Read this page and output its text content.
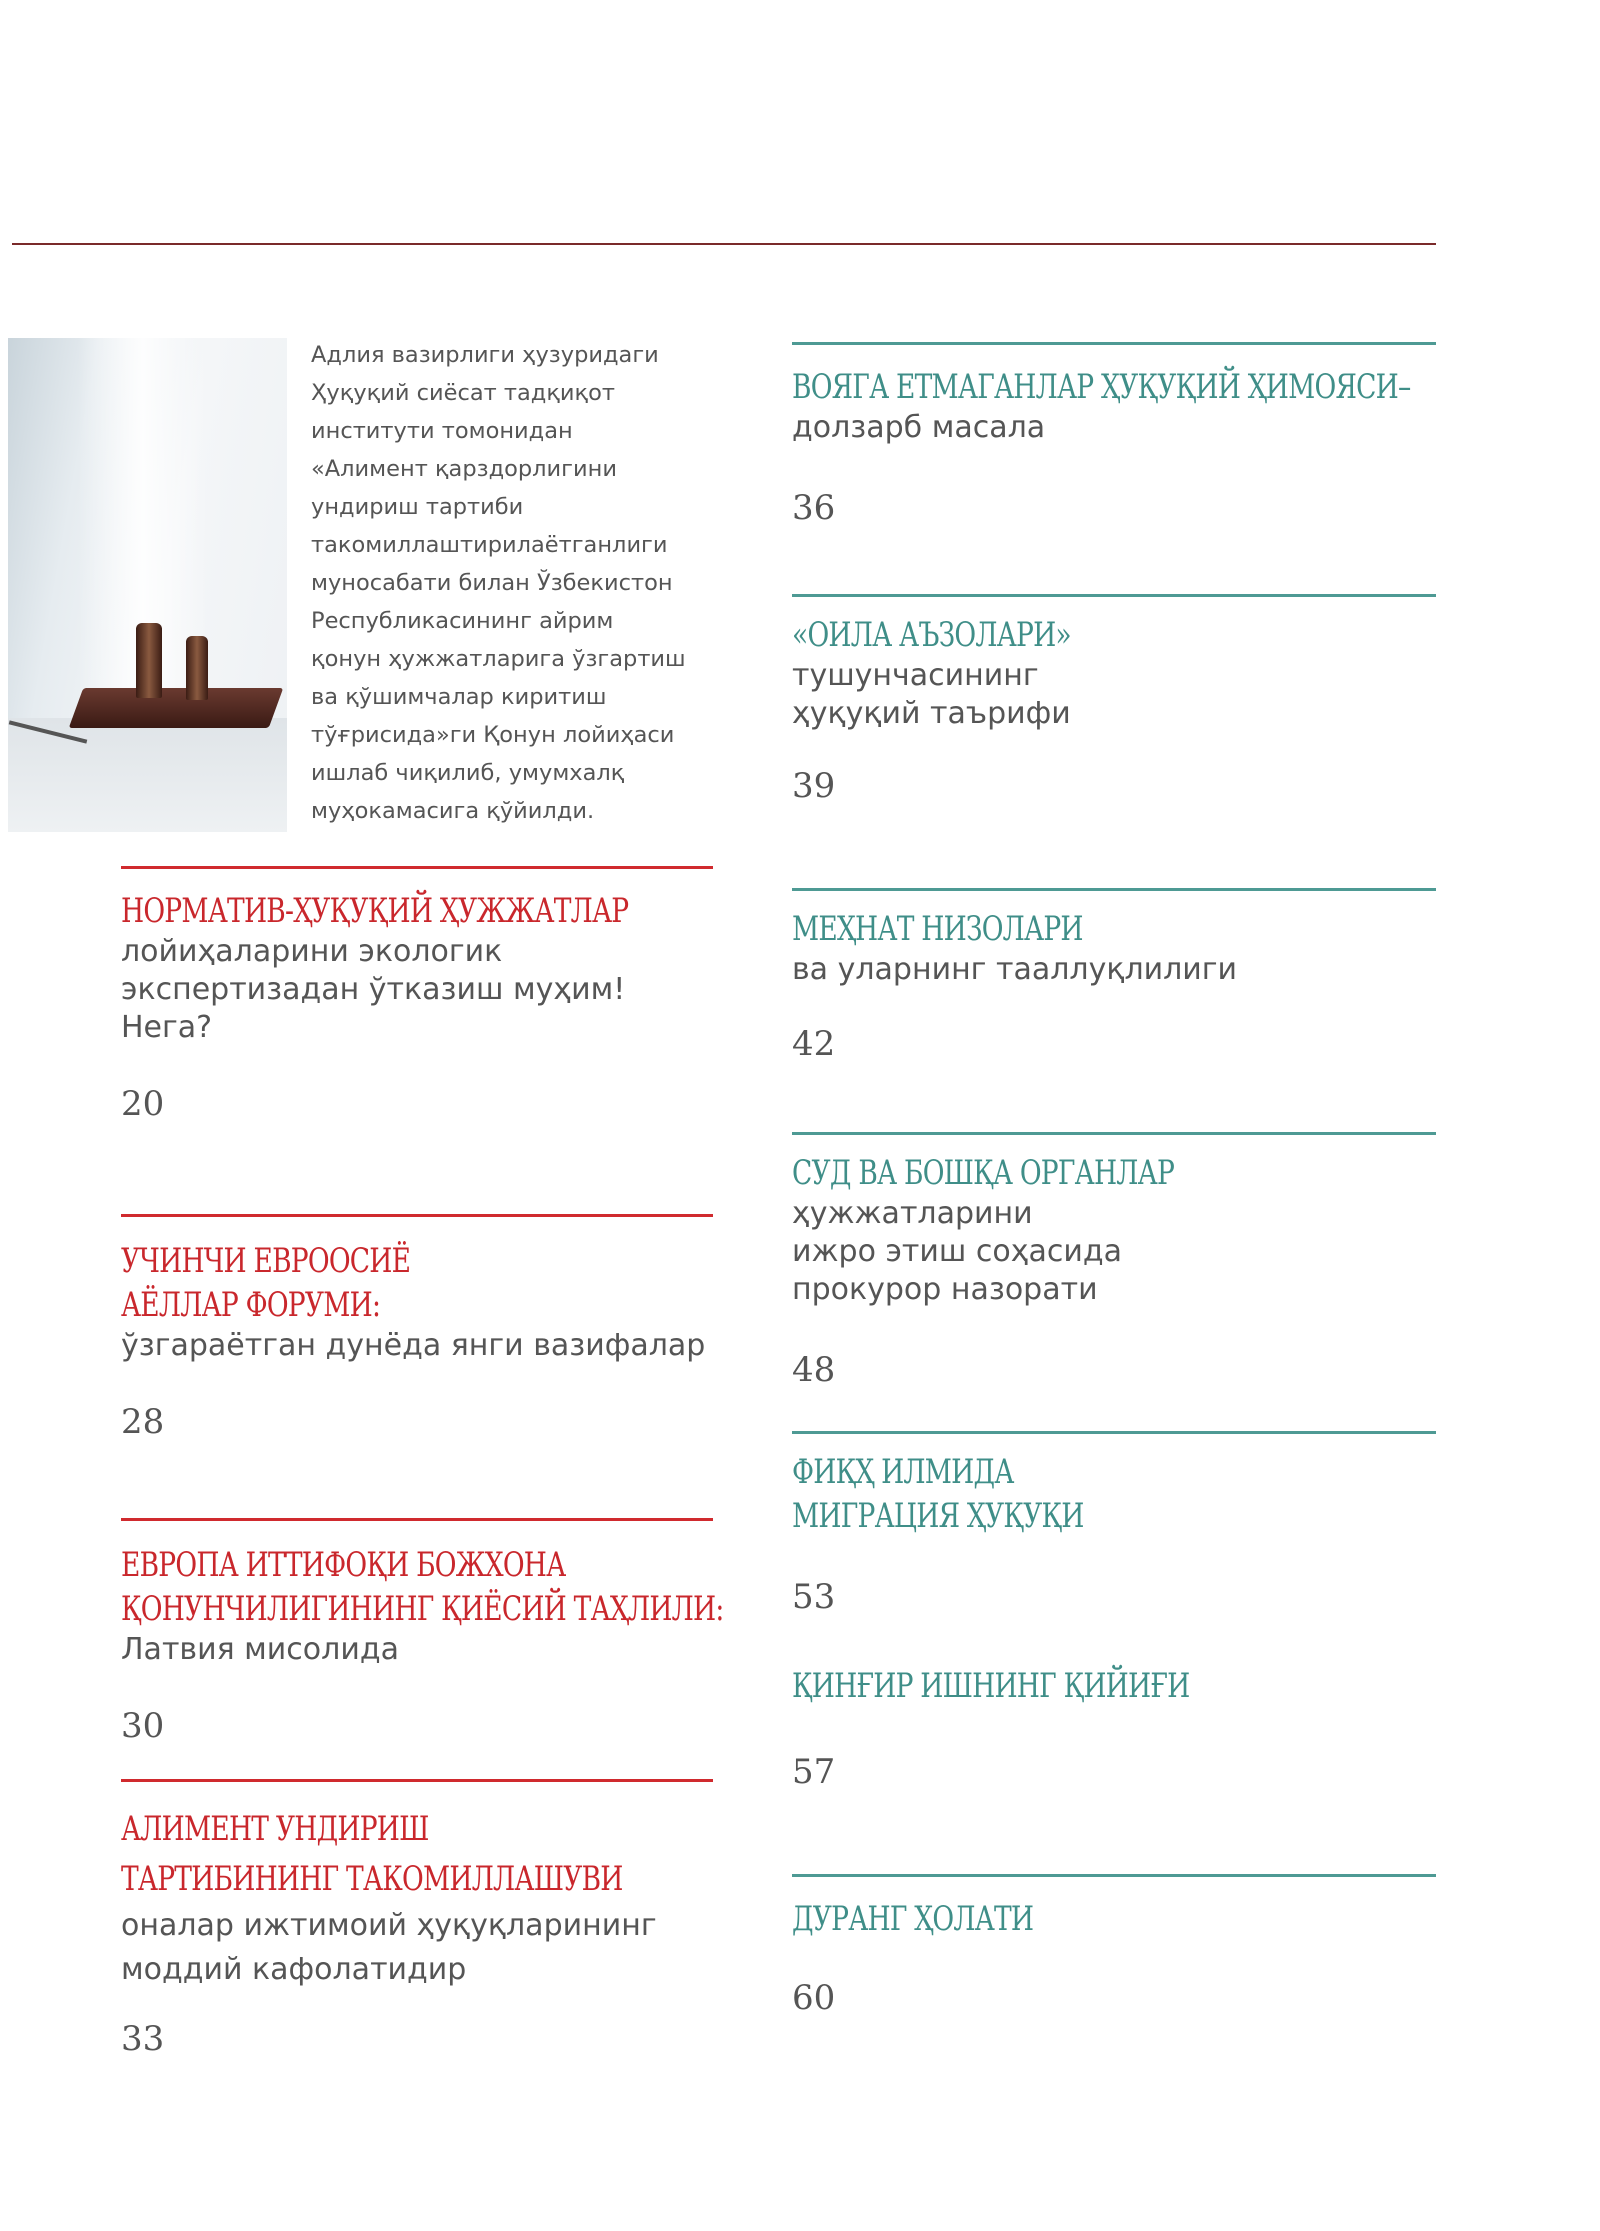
Адлия вазирлиги ҳузуридаги
Ҳуқуқий сиёсат тадқиқот
институти томонидан
«Алимент қарздорлигини
ундириш тартиби
такомиллаштирилаётганлиги
муносабати билан Ўзбекистон
Республикасининг айрим
қонун ҳужжатларига ўзгартиш
ва қўшимчалар киритиш
тўғрисида»ги Қонун лойиҳаси
ишлаб чиқилиб, умумхалқ
муҳокамасига қўйилди.
НОРМАТИВ-ҲУҚУҚИЙ ҲУЖЖАТЛАР
лойиҳаларини экологик
экспертизадан ўтказиш муҳим!
Нега?
20
УЧИНЧИ ЕВРООСИЁ
АЁЛЛАР ФОРУМИ:
ўзгараётган дунёда янги вазифалар
28
ЕВРОПА ИТТИФОҚИ БОЖХОНА
ҚОНУНЧИЛИГИНИНГ ҚИЁСИЙ ТАҲЛИЛИ:
Латвия мисолида
30
АЛИМЕНТ УНДИРИШ
ТАРТИБИНИНГ ТАКОМИЛЛАШУВИ
оналар ижтимоий ҳуқуқларининг
моддий кафолатидир
33
ВОЯГА ЕТМАГАНЛАР ҲУҚУҚИЙ ҲИМОЯСИ–
долзарб масала
36
«ОИЛА АЪЗОЛАРИ»
тушунчасининг
ҳуқуқий таърифи
39
МЕҲНАТ НИЗОЛАРИ
ва уларнинг тааллуқлилиги
42
СУД ВА БОШҚА ОРГАНЛАР
ҳужжатларини
ижро этиш соҳасида
прокурор назорати
48
ФИҚҲ ИЛМИДА
МИГРАЦИЯ ҲУҚУҚИ
53
ҚИНҒИР ИШНИНГ ҚИЙИҒИ
57
ДУРАНГ ҲОЛАТИ
60
